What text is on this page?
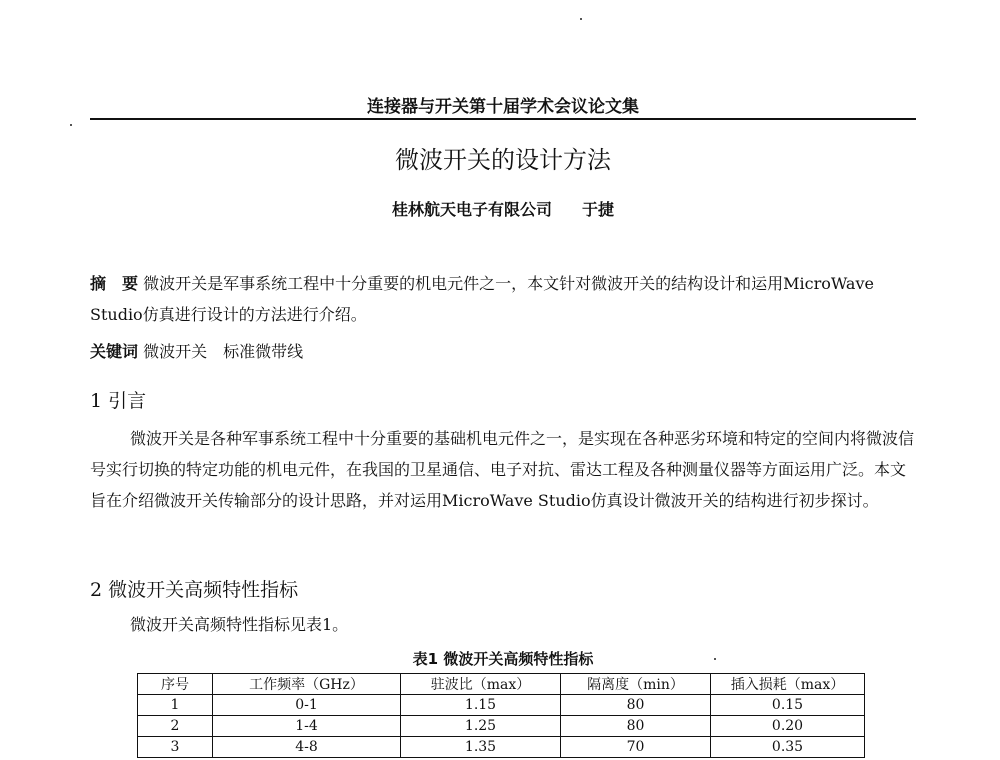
连接器与开关第十届学术会议论文集
微波开关的设计方法
桂林航天电子有限公司 于捷
摘　要 微波开关是军事系统工程中十分重要的机电元件之一，本文针对微波开关的结构设计和运用MicroWave Studio仿真进行设计的方法进行介绍。
关键词 微波开关　标准微带线
1 引言
微波开关是各种军事系统工程中十分重要的基础机电元件之一，是实现在各种恶劣环境和特定的空间内将微波信号实行切换的特定功能的机电元件，在我国的卫星通信、电子对抗、雷达工程及各种测量仪器等方面运用广泛。本文旨在介绍微波开关传输部分的设计思路，并对运用MicroWave Studio仿真设计微波开关的结构进行初步探讨。
2 微波开关高频特性指标
微波开关高频特性指标见表1。
表1 微波开关高频特性指标
序号	工作频率（GHz）	驻波比（max）	隔离度（min）	插入损耗（max）
1	0-1	1.15	80	0.15
2	1-4	1.25	80	0.20
3	4-8	1.35	70	0.35
